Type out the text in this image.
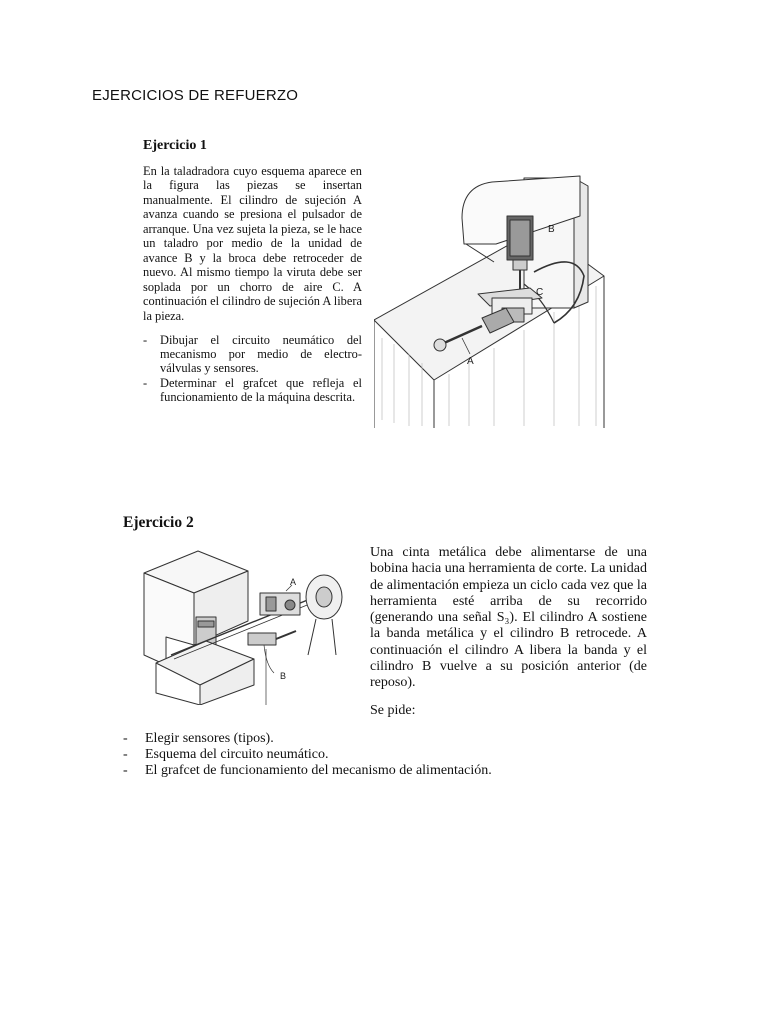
EJERCICIOS DE REFUERZO
Ejercicio 1
En la taladradora cuyo esquema aparece en la figura las piezas se insertan manualmente. El cilindro de sujeción A avanza cuando se presiona el pulsador de arranque. Una vez sujeta la pieza, se le hace un taladro por medio de la unidad de avance B y la broca debe retroceder de nuevo. Al mismo tiempo la viruta debe ser soplada por un chorro de aire C. A continuación el cilindro de sujeción A libera la pieza.
- Dibujar el circuito neumático del mecanismo por medio de electro-válvulas y sensores.
- Determinar el grafcet que refleja el funcionamiento de la máquina descrita.
B
C
A
Ejercicio 2
Una cinta metálica debe alimentarse de una bobina hacia una herramienta de corte. La unidad de alimentación empieza un ciclo cada vez que la herramienta esté arriba de su recorrido (generando una señal S₃). El cilindro A sostiene la banda metálica y el cilindro B retrocede. A continuación el cilindro A libera la banda y el cilindro B vuelve a su posición anterior (de reposo).
Se pide:
- Elegir sensores (tipos).
- Esquema del circuito neumático.
- El grafcet de funcionamiento del mecanismo de alimentación.
A
B
